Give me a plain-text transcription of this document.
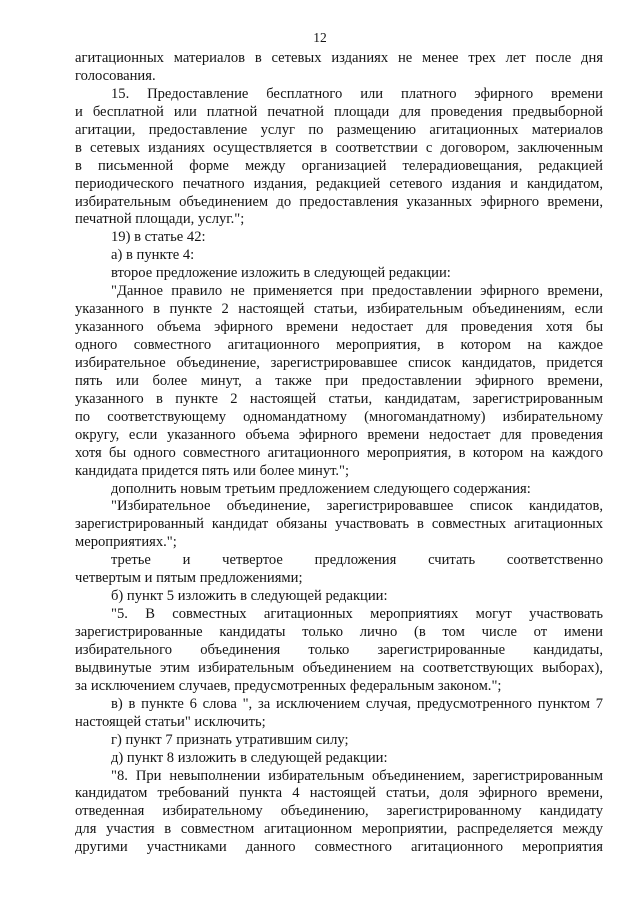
12
агитационных материалов в сетевых изданиях не менее трех лет после дня
голосования.
15. Предоставление бесплатного или платного эфирного времени
и бесплатной или платной печатной площади для проведения предвыборной
агитации, предоставление услуг по размещению агитационных материалов
в сетевых изданиях осуществляется в соответствии с договором, заключенным
в письменной форме между организацией телерадиовещания, редакцией
периодического печатного издания, редакцией сетевого издания и кандидатом,
избирательным объединением до предоставления указанных эфирного времени,
печатной площади, услуг.";
19) в статье 42:
а) в пункте 4:
второе предложение изложить в следующей редакции:
"Данное правило не применяется при предоставлении эфирного времени,
указанного в пункте 2 настоящей статьи, избирательным объединениям, если
указанного объема эфирного времени недостает для проведения хотя бы
одного совместного агитационного мероприятия, в котором на каждое
избирательное объединение, зарегистрировавшее список кандидатов, придется
пять или более минут, а также при предоставлении эфирного времени,
указанного в пункте 2 настоящей статьи, кандидатам, зарегистрированным
по соответствующему одномандатному (многомандатному) избирательному
округу, если указанного объема эфирного времени недостает для проведения
хотя бы одного совместного агитационного мероприятия, в котором на каждого
кандидата придется пять или более минут.";
дополнить новым третьим предложением следующего содержания:
"Избирательное объединение, зарегистрировавшее список кандидатов,
зарегистрированный кандидат обязаны участвовать в совместных агитационных
мероприятиях.";
третье и четвертое предложения считать соответственно
четвертым и пятым предложениями;
б) пункт 5 изложить в следующей редакции:
"5. В совместных агитационных мероприятиях могут участвовать
зарегистрированные кандидаты только лично (в том числе от имени
избирательного объединения только зарегистрированные кандидаты,
выдвинутые этим избирательным объединением на соответствующих выборах),
за исключением случаев, предусмотренных федеральным законом.";
в) в пункте 6 слова ", за исключением случая, предусмотренного пунктом 7
настоящей статьи" исключить;
г) пункт 7 признать утратившим силу;
д) пункт 8 изложить в следующей редакции:
"8. При невыполнении избирательным объединением, зарегистрированным
кандидатом требований пункта 4 настоящей статьи, доля эфирного времени,
отведенная избирательному объединению, зарегистрированному кандидату
для участия в совместном агитационном мероприятии, распределяется между
другими участниками данного совместного агитационного мероприятия
